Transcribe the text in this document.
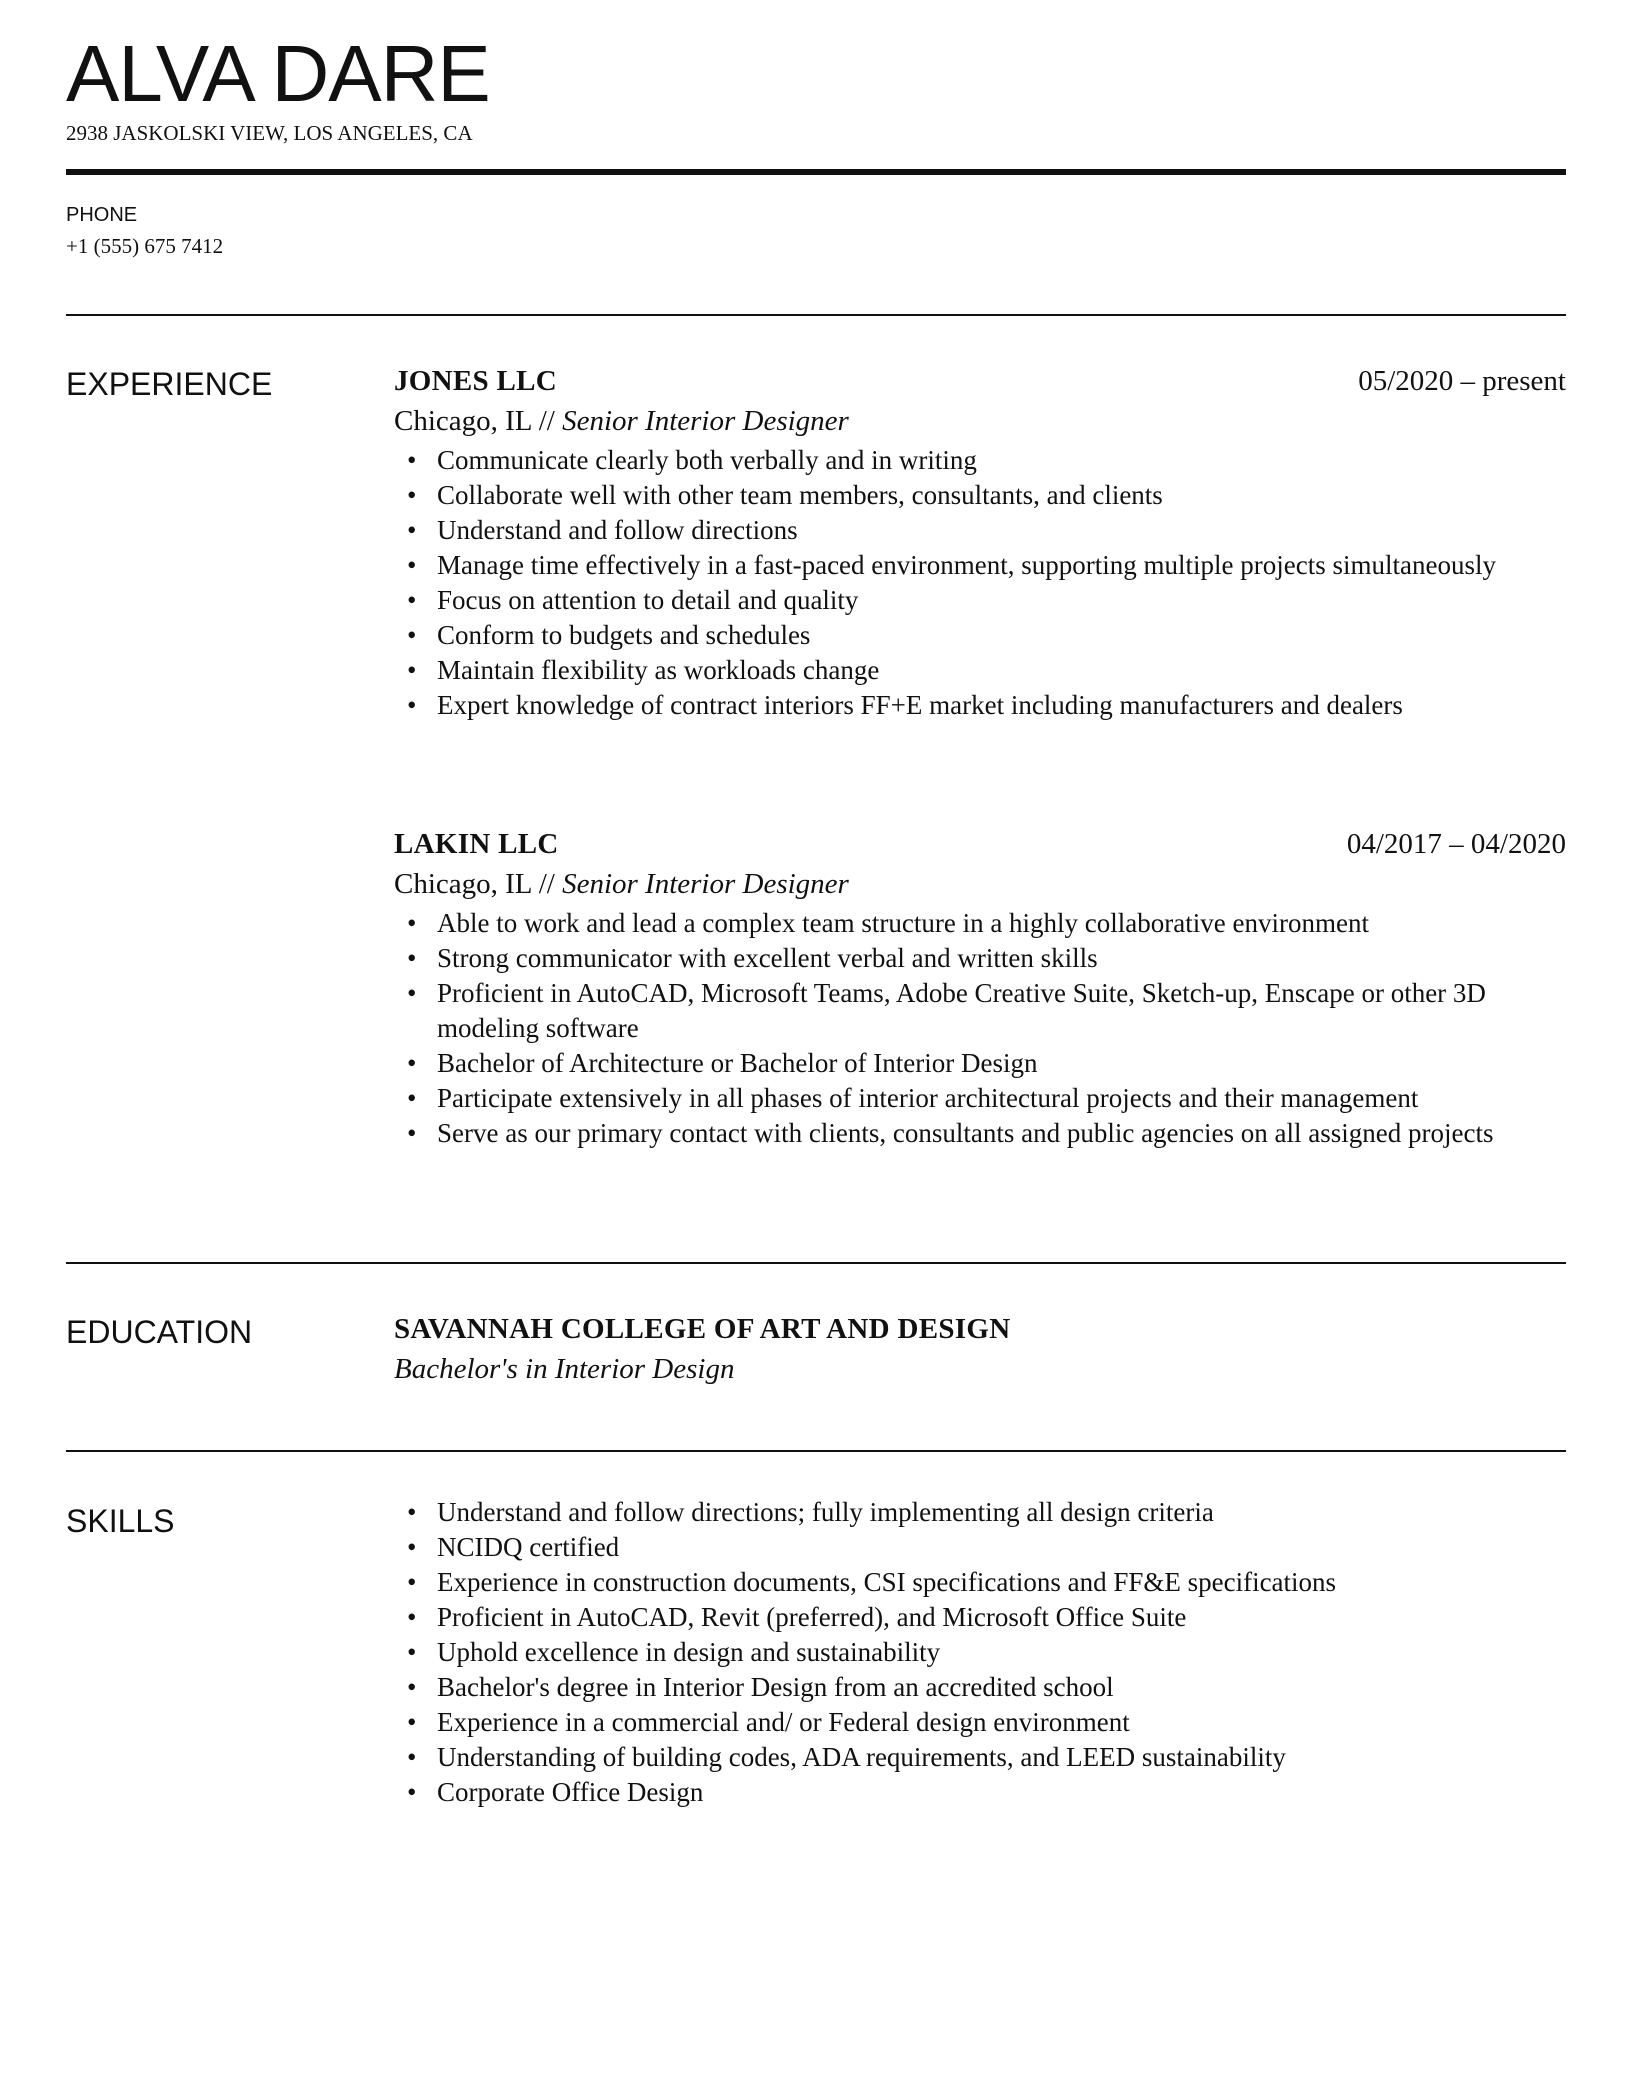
ALVA DARE
2938 JASKOLSKI VIEW, LOS ANGELES, CA
PHONE
+1 (555) 675 7412
EXPERIENCE	JONES LLC	05/2020 – present
Chicago, IL // Senior Interior Designer
• Communicate clearly both verbally and in writing
• Collaborate well with other team members, consultants, and clients
• Understand and follow directions
• Manage time effectively in a fast-paced environment, supporting multiple projects simultaneously
• Focus on attention to detail and quality
• Conform to budgets and schedules
• Maintain flexibility as workloads change
• Expert knowledge of contract interiors FF+E market including manufacturers and dealers
LAKIN LLC	04/2017 – 04/2020
Chicago, IL // Senior Interior Designer
• Able to work and lead a complex team structure in a highly collaborative environment
• Strong communicator with excellent verbal and written skills
• Proficient in AutoCAD, Microsoft Teams, Adobe Creative Suite, Sketch-up, Enscape or other 3D modeling software
• Bachelor of Architecture or Bachelor of Interior Design
• Participate extensively in all phases of interior architectural projects and their management
• Serve as our primary contact with clients, consultants and public agencies on all assigned projects
EDUCATION	SAVANNAH COLLEGE OF ART AND DESIGN
Bachelor's in Interior Design
SKILLS
•	Understand and follow directions; fully implementing all design criteria
• NCIDQ certified
• Experience in construction documents, CSI specifications and FF&E specifications
• Proficient in AutoCAD, Revit (preferred), and Microsoft Office Suite
• Uphold excellence in design and sustainability
• Bachelor's degree in Interior Design from an accredited school
• Experience in a commercial and/ or Federal design environment
• Understanding of building codes, ADA requirements, and LEED sustainability
• Corporate Office Design
